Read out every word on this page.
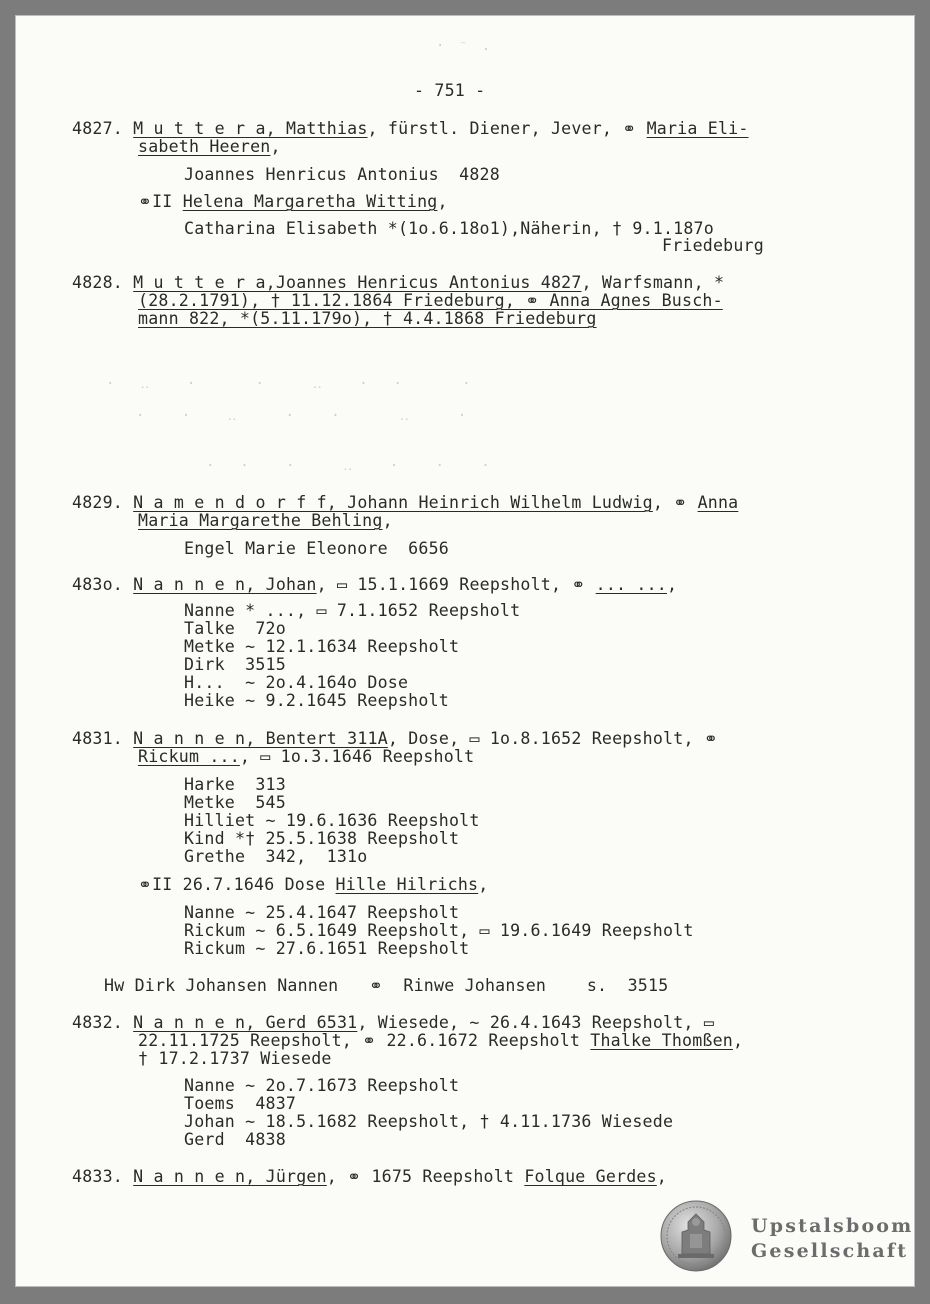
· ⁻ .
·  ‥   ·     ·    ‥   ·  ·     ·
·   ·   ‥    ·   ·     ‥    ·
·  ·   ·    ‥   ·   ·   ·
- 751 -
4827. M u t t e r a, Matthias, fürstl. Diener, Jever, ⚭ Maria Eli-
sabeth Heeren,
Joannes Henricus Antonius  4828
⚭II Helena Margaretha Witting,
Catharina Elisabeth *(1o.6.18o1),Näherin, † 9.1.187o
Friedeburg
4828. M u t t e r a,Joannes Henricus Antonius 4827, Warfsmann, *
(28.2.1791), † 11.12.1864 Friedeburg, ⚭ Anna Agnes Busch-
mann 822, *(5.11.179o), † 4.4.1868 Friedeburg
4829. N a m e n d o r f f, Johann Heinrich Wilhelm Ludwig, ⚭ Anna
Maria Margarethe Behling,
Engel Marie Eleonore  6656
483o. N a n n e n, Johan, ▭ 15.1.1669 Reepsholt, ⚭ ... ...,
Nanne * ..., ▭ 7.1.1652 Reepsholt
Talke  72o
Metke ~ 12.1.1634 Reepsholt
Dirk  3515
H...  ~ 2o.4.164o Dose
Heike ~ 9.2.1645 Reepsholt
4831. N a n n e n, Bentert 311A, Dose, ▭ 1o.8.1652 Reepsholt, ⚭
Rickum ..., ▭ 1o.3.1646 Reepsholt
Harke  313
Metke  545
Hilliet ~ 19.6.1636 Reepsholt
Kind *† 25.5.1638 Reepsholt
Grethe  342,  131o
⚭II 26.7.1646 Dose Hille Hilrichs,
Nanne ~ 25.4.1647 Reepsholt
Rickum ~ 6.5.1649 Reepsholt, ▭ 19.6.1649 Reepsholt
Rickum ~ 27.6.1651 Reepsholt
Hw Dirk Johansen Nannen   ⚭  Rinwe Johansen    s.  3515
4832. N a n n e n, Gerd 6531, Wiesede, ~ 26.4.1643 Reepsholt, ▭
22.11.1725 Reepsholt, ⚭ 22.6.1672 Reepsholt Thalke Thomßen,
† 17.2.1737 Wiesede
Nanne ~ 2o.7.1673 Reepsholt
Toems  4837
Johan ~ 18.5.1682 Reepsholt, † 4.11.1736 Wiesede
Gerd  4838
4833. N a n n e n, Jürgen, ⚭ 1675 Reepsholt Folque Gerdes,
Upstalsboom
Gesellschaft
